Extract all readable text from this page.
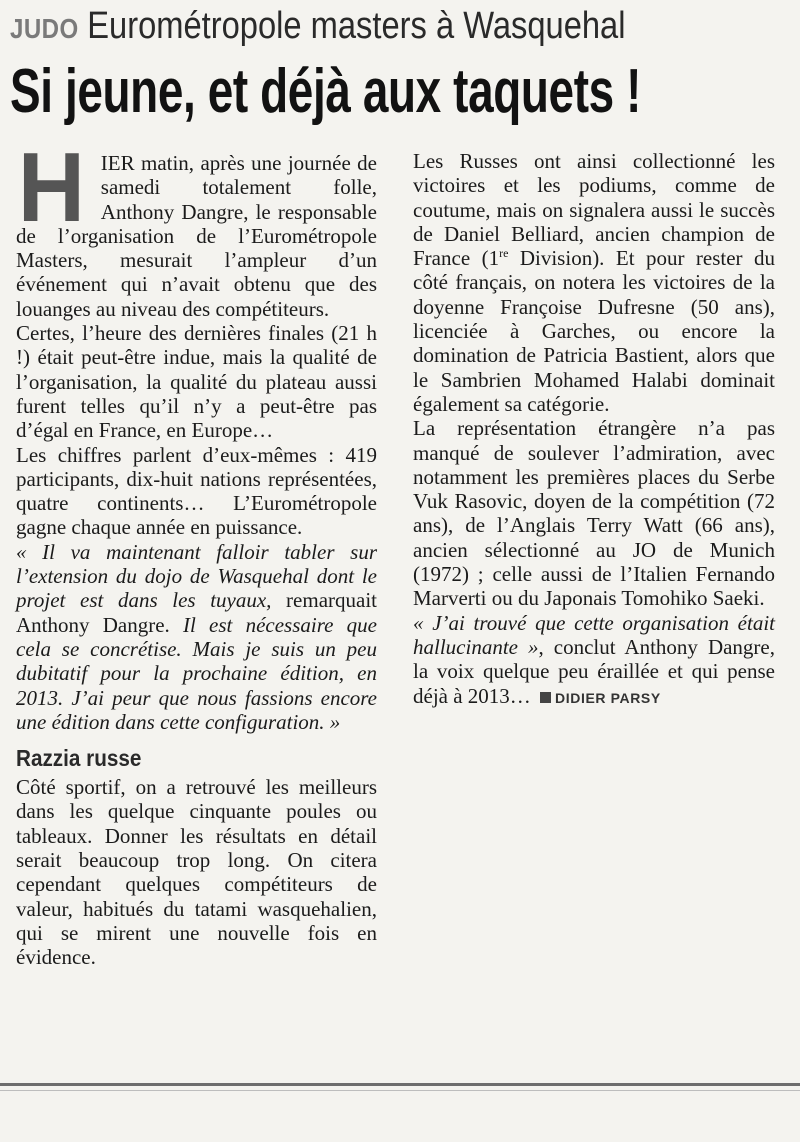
JUDO Eurométropole masters à Wasquehal
Si jeune, et déjà aux taquets !

HIER matin, après une journée de samedi totalement folle, Anthony Dangre, le responsable de l’organisation de l’Eurométropole Masters, mesurait l’ampleur d’un événement qui n’avait obtenu que des louanges au niveau des compétiteurs.

Certes, l’heure des dernières finales (21 h !) était peut-être indue, mais la qualité de l’organisation, la qualité du plateau aussi furent telles qu’il n’y a peut-être pas d’égal en France, en Europe…

Les chiffres parlent d’eux-mêmes : 419 participants, dix-huit nations représentées, quatre continents… L’Eurométropole gagne chaque année en puissance.

« Il va maintenant falloir tabler sur l’extension du dojo de Wasquehal dont le projet est dans les tuyaux, remarquait Anthony Dangre. Il est nécessaire que cela se concrétise. Mais je suis un peu dubitatif pour la prochaine édition, en 2013. J’ai peur que nous fassions encore une édition dans cette configuration. »

Razzia russe

Côté sportif, on a retrouvé les meilleurs dans les quelque cinquante poules ou tableaux. Donner les résultats en détail serait beaucoup trop long. On citera cependant quelques compétiteurs de valeur, habitués du tatami wasquehalien, qui se mirent une nouvelle fois en évidence.

Les Russes ont ainsi collectionné les victoires et les podiums, comme de coutume, mais on signalera aussi le succès de Daniel Belliard, ancien champion de France (1re Division). Et pour rester du côté français, on notera les victoires de la doyenne Françoise Dufresne (50 ans), licenciée à Garches, ou encore la domination de Patricia Bastient, alors que le Sambrien Mohamed Halabi dominait également sa catégorie.

La représentation étrangère n’a pas manqué de soulever l’admiration, avec notamment les premières places du Serbe Vuk Rasovic, doyen de la compétition (72 ans), de l’Anglais Terry Watt (66 ans), ancien sélectionné au JO de Munich (1972) ; celle aussi de l’Italien Fernando Marverti ou du Japonais Tomohiko Saeki.

« J’ai trouvé que cette organisation était hallucinante », conclut Anthony Dangre, la voix quelque peu éraillée et qui pense déjà à 2013… DIDIER PARSY
